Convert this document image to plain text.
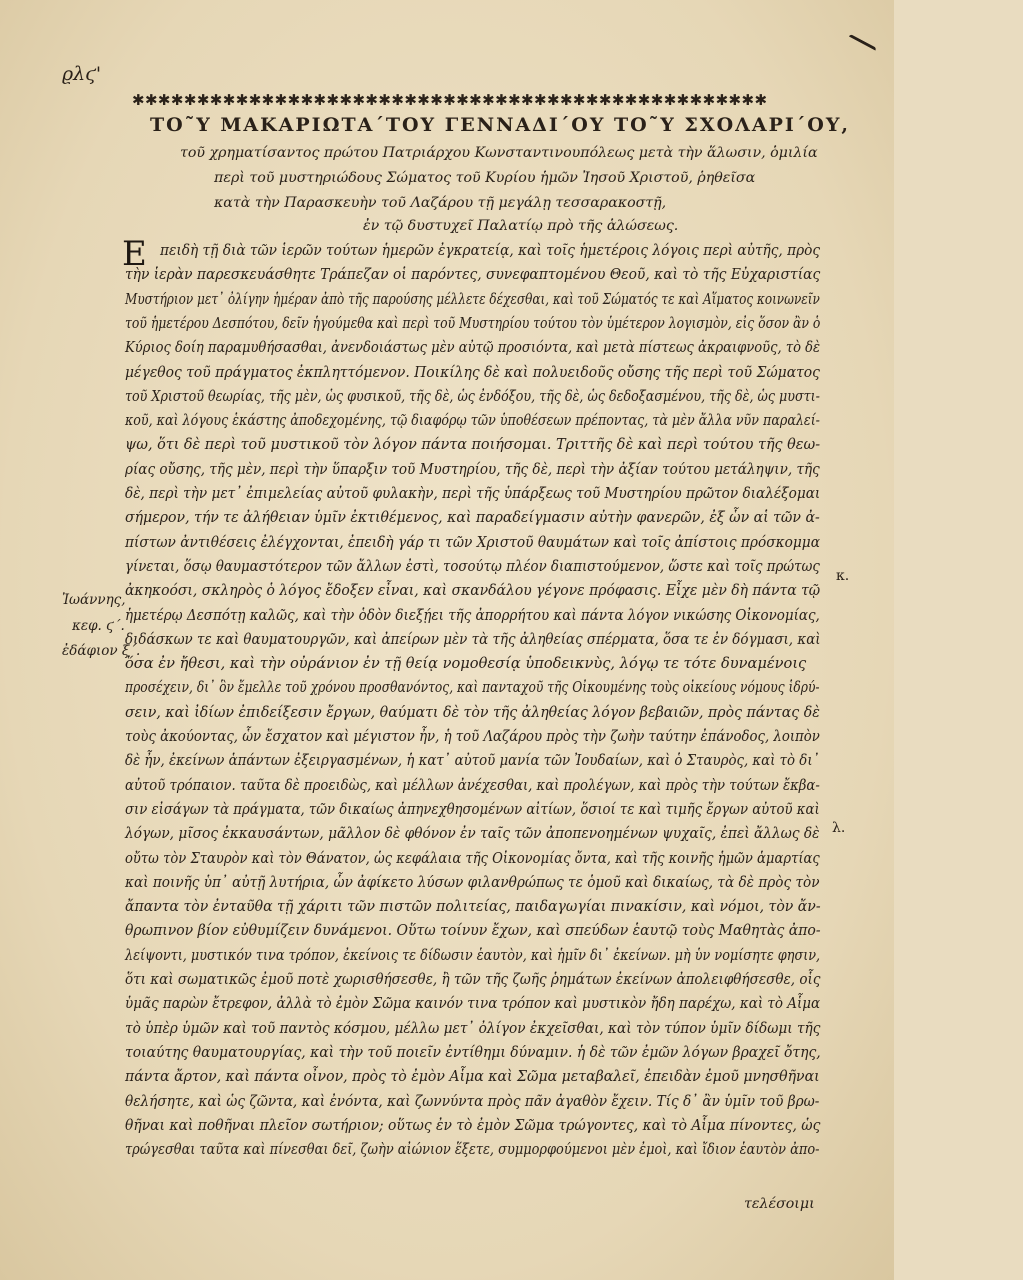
ϱλϛ'
✱✱✱✱✱✱✱✱✱✱✱✱✱✱✱✱✱✱✱✱✱✱✱✱✱✱✱✱✱✱✱✱✱✱✱✱✱✱✱✱✱✱✱✱✱✱✱✱✱
ΤΟ῀Υ ΜΑΚΑΡΙΩΤΑ΄ΤΟΥ ΓΕΝΝΑΔΙ΄ΟΥ ΤΟ῀Υ ΣΧΟΛΑΡΙ΄ΟΥ,
τοῦ χρηματίσαντος πρώτου Πατριάρχου Κωνσταντινουπόλεως μετὰ τὴν ἅλωσιν, ὁμιλία
περὶ τοῦ μυστηριώδους Σώματος τοῦ Κυρίου ἡμῶν Ἰησοῦ Χριστοῦ, ῥηθεῖσα
κατὰ τὴν Παρασκευὴν τοῦ Λαζάρου τῇ μεγάλῃ τεσσαρακοστῇ,
ἐν τῷ δυστυχεῖ Παλατίῳ πρὸ τῆς ἁλώσεως.
Ε πειδὴ τῇ διὰ τῶν ἱερῶν τούτων ἡμερῶν ἐγκρατείᾳ, καὶ τοῖς ἡμετέροις λόγοις περὶ αὐτῆς, πρὸς
τὴν ἱερὰν παρεσκευάσθητε Τράπεζαν οἱ παρόντες, συνεφαπτομένου Θεοῦ, καὶ τὸ τῆς Εὐχαριστίας
Μυστήριον μετ᾽ ὀλίγην ἡμέραν ἀπὸ τῆς παρούσης μέλλετε δέχεσθαι, καὶ τοῦ Σώματός τε καὶ Αἵματος κοινωνεῖν
τοῦ ἡμετέρου Δεσπότου, δεῖν ἡγούμεθα καὶ περὶ τοῦ Μυστηρίου τούτου τὸν ὑμέτερον λογισμὸν, εἰς ὅσον ἂν ὁ
Κύριος δοίη παραμυθήσασθαι, ἀνενδοιάστως μὲν αὐτῷ προσιόντα, καὶ μετὰ πίστεως ἀκραιφνοῦς, τὸ δὲ
μέγεθος τοῦ πράγματος ἐκπληττόμενον. Ποικίλης δὲ καὶ πολυειδοῦς οὔσης τῆς περὶ τοῦ Σώματος
τοῦ Χριστοῦ θεωρίας, τῆς μὲν, ὡς φυσικοῦ, τῆς δὲ, ὡς ἐνδόξου, τῆς δὲ, ὡς δεδοξασμένου, τῆς δὲ, ὡς μυστι-
κοῦ, καὶ λόγους ἑκάστης ἀποδεχομένης, τῷ διαφόρῳ τῶν ὑποθέσεων πρέποντας, τὰ μὲν ἄλλα νῦν παραλεί-
ψω, ὅτι δὲ περὶ τοῦ μυστικοῦ τὸν λόγον πάντα ποιήσομαι. Τριττῆς δὲ καὶ περὶ τούτου τῆς θεω-
ρίας οὔσης, τῆς μὲν, περὶ τὴν ὕπαρξιν τοῦ Μυστηρίου, τῆς δὲ, περὶ τὴν ἀξίαν τούτου μετάληψιν, τῆς
δὲ, περὶ τὴν μετ᾽ ἐπιμελείας αὐτοῦ φυλακὴν, περὶ τῆς ὑπάρξεως τοῦ Μυστηρίου πρῶτον διαλέξομαι
σήμερον, τήν τε ἀλήθειαν ὑμῖν ἐκτιθέμενος, καὶ παραδείγμασιν αὐτὴν φανερῶν, ἐξ ὧν αἱ τῶν ἀ-
πίστων ἀντιθέσεις ἐλέγχονται, ἐπειδὴ γάρ τι τῶν Χριστοῦ θαυμάτων καὶ τοῖς ἀπίστοις πρόσκομμα
γίνεται, ὅσῳ θαυμαστότερον τῶν ἄλλων ἐστὶ, τοσούτῳ πλέον διαπιστούμενον, ὥστε καὶ τοῖς πρώτως
ἀκηκοόσι, σκληρὸς ὁ λόγος ἔδοξεν εἶναι, καὶ σκανδάλου γέγονε πρόφασις. Εἶχε μὲν δὴ πάντα τῷ
ἡμετέρῳ Δεσπότῃ καλῶς, καὶ τὴν ὁδὸν διεξῄει τῆς ἀπορρήτου καὶ πάντα λόγον νικώσης Οἰκονομίας,
διδάσκων τε καὶ θαυματουργῶν, καὶ ἀπείρων μὲν τὰ τῆς ἀληθείας σπέρματα, ὅσα τε ἐν δόγμασι, καὶ
ὅσα ἐν ἤθεσι, καὶ τὴν οὐράνιον ἐν τῇ θείᾳ νομοθεσίᾳ ὑποδεικνὺς, λόγῳ τε τότε δυναμένοις
προσέχειν, δι᾽ ὃν ἔμελλε τοῦ χρόνου προσθανόντος, καὶ πανταχοῦ τῆς Οἰκουμένης τοὺς οἰκείους νόμους ἱδρύ-
σειν, καὶ ἰδίων ἐπιδείξεσιν ἔργων, θαύματι δὲ τὸν τῆς ἀληθείας λόγον βεβαιῶν, πρὸς πάντας δὲ
τοὺς ἀκούοντας, ὧν ἔσχατον καὶ μέγιστον ἦν, ἡ τοῦ Λαζάρου πρὸς τὴν ζωὴν ταύτην ἐπάνοδος, λοιπὸν
δὲ ἦν, ἐκείνων ἁπάντων ἐξειργασμένων, ἡ κατ᾽ αὐτοῦ μανία τῶν Ἰουδαίων, καὶ ὁ Σταυρὸς, καὶ τὸ δι᾽
αὐτοῦ τρόπαιον. ταῦτα δὲ προειδὼς, καὶ μέλλων ἀνέχεσθαι, καὶ προλέγων, καὶ πρὸς τὴν τούτων ἔκβα-
σιν εἰσάγων τὰ πράγματα, τῶν δικαίως ἀπηνεχθησομένων αἰτίων, ὅσιοί τε καὶ τιμῆς ἔργων αὐτοῦ καὶ
λόγων, μῖσος ἐκκαυσάντων, μᾶλλον δὲ φθόνον ἐν ταῖς τῶν ἀποπενοημένων ψυχαῖς, ἐπεὶ ἄλλως δὲ
οὔτω τὸν Σταυρὸν καὶ τὸν Θάνατον, ὡς κεφάλαια τῆς Οἰκονομίας ὄντα, καὶ τῆς κοινῆς ἡμῶν ἁμαρτίας
καὶ ποινῆς ὑπ᾽ αὐτῇ λυτήρια, ὧν ἀφίκετο λύσων φιλανθρώπως τε ὁμοῦ καὶ δικαίως, τὰ δὲ πρὸς τὸν
ἄπαντα τὸν ἐνταῦθα τῇ χάριτι τῶν πιστῶν πολιτείας, παιδαγωγίαι πινακίσιν, καὶ νόμοι, τὸν ἄν-
θρωπινον βίον εὐθυμίζειν δυνάμενοι. Οὕτω τοίνυν ἔχων, καὶ σπεύδων ἑαυτῷ τοὺς Μαθητὰς ἀπο-
λείψοντι, μυστικόν τινα τρόπον, ἐκείνοις τε δίδωσιν ἑαυτὸν, καὶ ἡμῖν δι᾽ ἐκείνων. μὴ ὑν νομίσητε φησιν,
ὅτι καὶ σωματικῶς ἐμοῦ ποτὲ χωρισθήσεσθε, ἢ τῶν τῆς ζωῆς ῥημάτων ἐκείνων ἀπολειφθήσεσθε, οἷς
ὑμᾶς παρὼν ἔτρεφον, ἀλλὰ τὸ ἐμὸν Σῶμα καινόν τινα τρόπον καὶ μυστικὸν ἤδη παρέχω, καὶ τὸ Αἷμα
τὸ ὑπὲρ ὑμῶν καὶ τοῦ παντὸς κόσμου, μέλλω μετ᾽ ὀλίγον ἐκχεῖσθαι, καὶ τὸν τύπον ὑμῖν δίδωμι τῆς
τοιαύτης θαυματουργίας, καὶ τὴν τοῦ ποιεῖν ἐντίθημι δύναμιν. ἡ δὲ τῶν ἐμῶν λόγων βραχεῖ ὄτης,
πάντα ἄρτον, καὶ πάντα οἶνον, πρὸς τὸ ἐμὸν Αἷμα καὶ Σῶμα μεταβαλεῖ, ἐπειδὰν ἐμοῦ μνησθῆναι
θελήσητε, καὶ ὡς ζῶντα, καὶ ἐνόντα, καὶ ζωννύντα πρὸς πᾶν ἀγαθὸν ἔχειν. Τίς δ᾽ ἂν ὑμῖν τοῦ βρω-
θῆναι καὶ ποθῆναι πλεῖον σωτήριον; οὕτως ἐν τὸ ἐμὸν Σῶμα τρώγοντες, καὶ τὸ Αἷμα πίνοντες, ὡς
τρώγεσθαι ταῦτα καὶ πίνεσθαι δεῖ, ζωὴν αἰώνιον ἕξετε, συμμορφούμενοι μὲν ἐμοὶ, καὶ ἴδιον ἑαυτὸν ἀπο-
Ἰωάννης,
κεφ. ϛ΄.
ἐδάφιον ξ΄.
κ.
λ.
τελέσοιμι
